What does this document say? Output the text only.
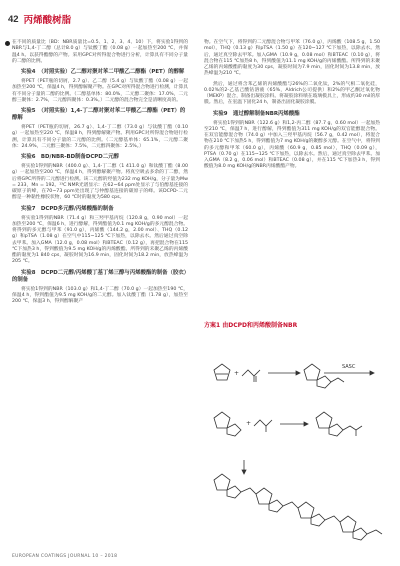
42 丙烯酸树脂

在不同的质量比（BD：NBR质量比=0.5、1、2、3、4、10）下，将实验1得到的NBR与1,4-丁二醇（总计8.0 g）与钛酸丁酯（0.08 g）一起加热至200 ℃，并保温4 h。以获得酯醇的产物。采用GPC对所得混合物进行分析，计算具有不同分子量的二醇的比例。

实验4　（对照实验）乙二醇对聚对苯二甲酸乙二醇酯（PET）的醇解

将PET（PET瓶的切屑，2.7 g）、乙二醇（5.4 g）与钛酸丁酯（0.08 g）一起加热至200 ℃，保温4 h，得到醇解聚产物。在GPC对所得混合物进行检测，计算具有不同分子量的二醇的比例。（二醇基单体：80.0%，二元醇二聚体：17.0%，二元醇三聚体：2.7%，二元醇四聚体：0.3%。）二元醇的混合物完全是清晰度高的。

实验5　（对照实验）1,4-丁二醇对聚对苯二甲酸乙二醇酯（PET）的醇解

将PET（PET瓶的切屑，26.7 g）、1,4-丁二醇（73.0 g）与钛酸丁酯（0.10 g）一起加热至220 ℃，保温8 h，得到醇解聚产物。利用GPC对所得混合物进行检测，计算具有不同分子量的二元醇的比例。（二元醇基单体：65.1%，二元醇二聚体：24.9%，二元醇三聚体：7.5%，二元醇四聚体：2.5%。）

实验6　BD/NBR-BD制备DCPD二元醇

将实验1得到的NBR（400.0 g）、1,4-丁二醇（1 411.0 g）和钛酸丁酯（8.00 g）一起加热至200 ℃，保温4 h，得到醇解聚产物。将真空吸去多余的丁二醇，然后将GPC所得的二元醇进行检测。该二元醇的羟值为232 mg KOH/g，分子量为Mw = 233，Mn = 192。¹³C NMR光谱显示：在62~64 ppm处显示了与伯醇基连接的碳原子的峰，在70~73 ppm处出现了与仲醇基连接的碳原子的峰。该DCPD-二元醇是一种黏性橡胶状物，60 ℃时的黏度为580 cps。

实验7　DCPD多元醇/丙烯酸酯的制备

将实验1得到的NBR（71.4 g）和三羟甲基丙烷（120.8 g，0.90 mol）一起加热至200 ℃，保温6 h，进行醇解，得到酯值为0.1 mg KOH/g的多元醇混合物。将得到的多元醇与甲苯（91.0 g），丙烯酸（144.2 g，2.00 mol）、THQ（0.12 g）和pTSA（1.08 g）在空气中115~125 ℃下加热，以除去水。然后通过真空除去甲苯。加入GMA（12.0 g，0.08 mol）和BTEAC（0.12 g），再把混合物在115 ℃下加热3 h，得到酸值为9.5 mg KOH/g的丙烯酸酯。所得到的未聚乙烯的丙烯酸酯的黏度为1 840 cps，凝胶时间为16.9 min，固化时间为18.2 min，放热峰温为205 ℃。

实验8　DCPD二元醇/丙烯酸丁基丁烯三醇与丙烯酸酯的制备（胶衣）的制备

将实验1得到的NBR（103.0 g）和1,4-丁二醇（70.0 g）一起加热至190 ℃，保温4 h，得到酯值为9.5 mg KOH/g的二元醇。加入钛酸丁酯（1.78 g），加热至200 ℃，保温3 h，得到醇解聚产

物。在空气下，将得到的二元醇混合物与甲苯（76.0 g），丙烯酸（108.5 g，1.50 mol），THQ（0.13 g）和pTSA（1.50 g）在120~127 ℃下加热，以除去水。然后，通过真空除去甲苯。加入GMA（10.9 g，0.08 mol）和BTEAC（0.10 g），将混合物在115 ℃加热8 h，得到酸值为11.1 mg KOH/g的丙烯酸酯。所得到的未聚乙烯的丙烯酸酯的黏度为30 cps，凝胶时间为7.9 min，固化时间为13.8 min，放热峰温为210 ℃。

然后，通过将含苯乙烯的丙烯酸酯与26%的二氧化钛，2%的气相二氧化硅，0.02%的2-乙基己酸钴溶液（65%，Aldrich公司提供）和2%的甲乙酮过氧化物（MEKP）混合，制备出凝胶涂料。将凝胶涂料喷在玻璃模具上，形成约30 mil的厚膜。然后，在室温下固化24 h，制备出固化凝胶涂膜。

实验9　通过醇解制备NBR丙烯酸酯

将实验1得到的NBR（122.6 g）和1,2-丙二醇（87.7 g，0.60 mol）一起加热至210 ℃，保温7 h，进行醇解，得到酯值为311 mg KOH/g的双官能醇混合物。在双官能醇混合物（74.0 g）中加入三羟甲基丙烷（56.7 g，0.42 mol），将混合物在210 ℃下加热5 h，得到酯值为7 mg KOH/g的聚醇多元醇。在空气中，将得到的多元醇和甲苯（60.0 g），丙烯酸（60.9 g，0.85 mol），THQ（0.09 g），PTSA（0.70 g）在115~125 ℃下加热，以除去水。然后，通过真空除去甲苯。加入GMA（8.2 g，0.06 mol）和BTEAC（0.08 g），并在115 ℃下加热3 h，得到酸值为8.0 mg KOH/g的NBR丙烯酸酯产物。

方案1 由DCPD和丙烯酸制备NBR
+
SASC
+
EUROPEAN COATINGS JOURNAL 10 – 2018
